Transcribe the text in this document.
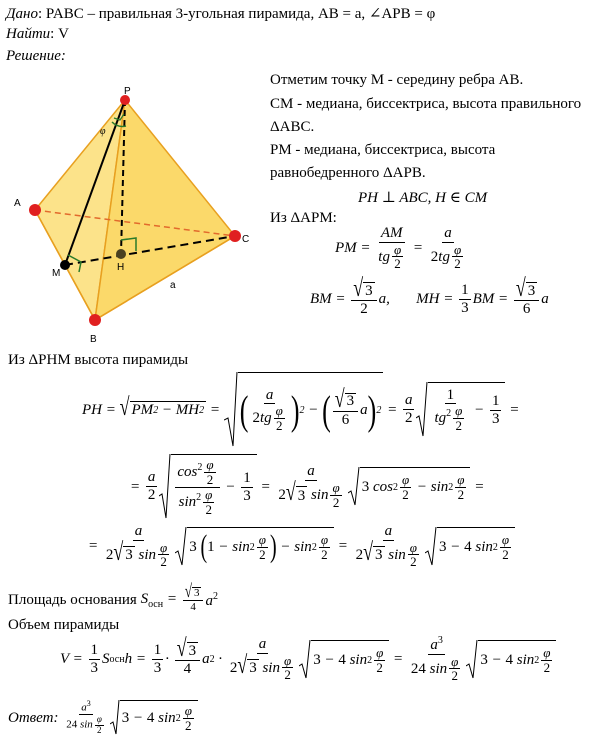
Дано: PABC – правильная 3-угольная пирамида, AB = a, ∠APB = φ
Найти: V
Решение:
P
A
C
M
H
B
a
φ
Отметим точку M - середину ребра AB.
CM - медиана, биссектриса, высота правильного
ΔABC.
PM - медиана, биссектриса, высота
равнобедренного ΔAPB.
PH ⊥ ABC, H ∈ CM
Из ΔAPM:
PM =
AM
tg $\frac{\varphi}{2}$ =
a
$2tg \frac{\varphi}{2}$
BM = √ 3
2
a,       MH =
1
3
BM = √ 3
6
a
Из ΔPHM высота пирамиды
PH = √ PM 2 − MH 2 = ( a
$2tg \frac{\varphi}{2}$ ) 2 − ( √ 3
6
a ) 2 =
a
2
1
$tg^2 \frac{\varphi}{2}$ −
1
3
=
=
a
2
$\cos^2 \frac{\varphi}{2}$
$\sin^2 \frac{\varphi}{2}$
−
1
3
=
a
2 √ 3 $\sin \frac{\varphi}{2} 3$ cos 2
φ
2 − sin 2
φ
2 =
=
a
2 √ 3 $\sin \frac{\varphi}{2} 3$ ( 1 − sin 2
φ
2 ) − sin 2
φ
2 =
a
2 √ 3 $\sin \frac{\varphi}{2} 3 - 4$ sin 2
φ
2
Площадь основания $S_{осн} = \frac{√ 3}{4} a^2$
Объем пирамиды
V =
1
3
S осн h =
1
3
· √ 3
4
a 2 ·
a
2 √ 3 $\sin \frac{\varphi}{2} 3 - 4$ sin 2
φ
2 =
$a^3$
24 $\sin \frac{\varphi}{2} 3 - 4$ sin 2
φ
2
Ответ :
$a^3$
24 $\sin \frac{\varphi}{2} 3 - 4$ sin 2
φ
2
